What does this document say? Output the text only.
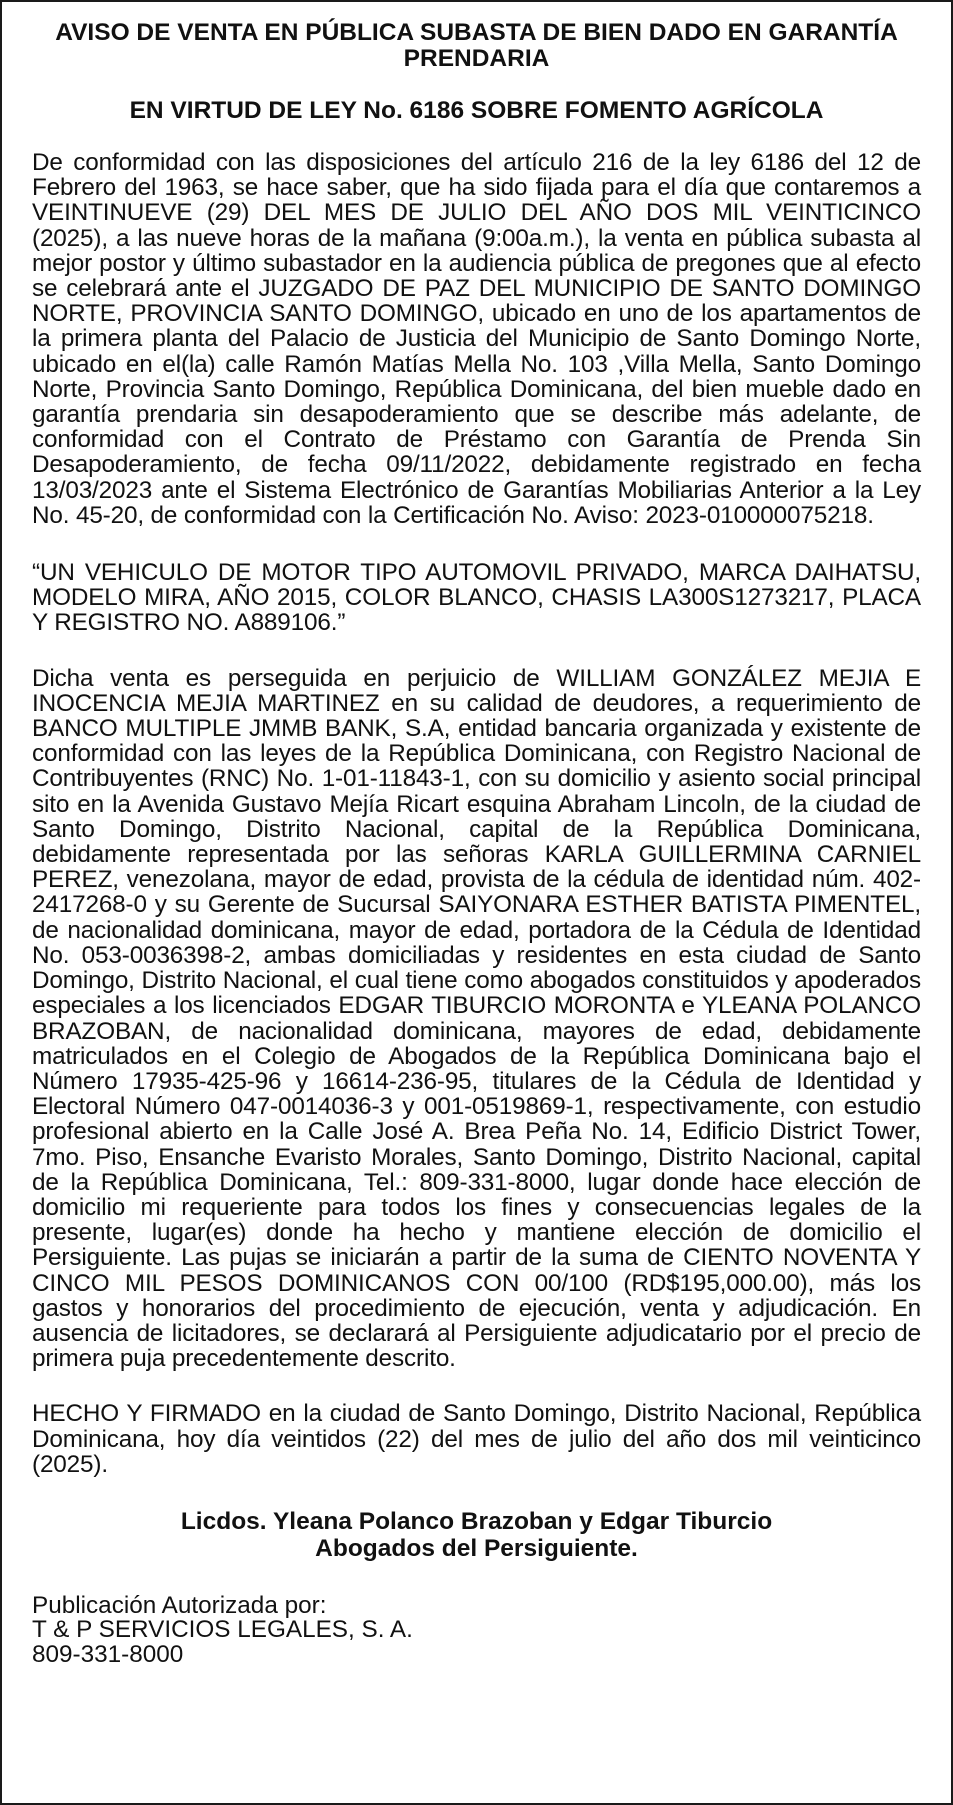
AVISO DE VENTA EN PÚBLICA SUBASTA DE BIEN DADO EN GARANTÍA PRENDARIA
EN VIRTUD DE LEY No. 6186 SOBRE FOMENTO AGRÍCOLA

De conformidad con las disposiciones del artículo 216 de la ley 6186 del 12 de Febrero del 1963, se hace saber, que ha sido fijada para el día que contaremos a VEINTINUEVE (29) DEL MES DE JULIO DEL AÑO DOS MIL VEINTICINCO (2025), a las nueve horas de la mañana (9:00a.m.), la venta en pública subasta al mejor postor y último subastador en la audiencia pública de pregones que al efecto se celebrará ante el JUZGADO DE PAZ DEL MUNICIPIO DE SANTO DOMINGO NORTE, PROVINCIA SANTO DOMINGO, ubicado en uno de los apartamentos de la primera planta del Palacio de Justicia del Municipio de Santo Domingo Norte, ubicado en el(la) calle Ramón Matías Mella No. 103 ,Villa Mella, Santo Domingo Norte, Provincia Santo Domingo, República Dominicana, del bien mueble dado en garantía prendaria sin desapoderamiento que se describe más adelante, de conformidad con el Contrato de Préstamo con Garantía de Prenda Sin Desapoderamiento, de fecha 09/11/2022, debidamente registrado en fecha 13/03/2023 ante el Sistema Electrónico de Garantías Mobiliarias Anterior a la Ley No. 45-20, de conformidad con la Certificación No. Aviso: 2023-010000075218.

“UN VEHICULO DE MOTOR TIPO AUTOMOVIL PRIVADO, MARCA DAIHATSU, MODELO MIRA, AÑO 2015, COLOR BLANCO, CHASIS LA300S1273217, PLACA Y REGISTRO NO. A889106.”

Dicha venta es perseguida en perjuicio de WILLIAM GONZÁLEZ MEJIA E INOCENCIA MEJIA MARTINEZ en su calidad de deudores, a requerimiento de BANCO MULTIPLE JMMB BANK, S.A, entidad bancaria organizada y existente de conformidad con las leyes de la República Dominicana, con Registro Nacional de Contribuyentes (RNC) No. 1-01-11843-1, con su domicilio y asiento social principal sito en la Avenida Gustavo Mejía Ricart esquina Abraham Lincoln, de la ciudad de Santo Domingo, Distrito Nacional, capital de la República Dominicana, debidamente representada por las señoras KARLA GUILLERMINA CARNIEL PEREZ, venezolana, mayor de edad, provista de la cédula de identidad núm. 402-2417268-0 y su Gerente de Sucursal SAIYONARA ESTHER BATISTA PIMENTEL, de nacionalidad dominicana, mayor de edad, portadora de la Cédula de Identidad No. 053-0036398-2, ambas domiciliadas y residentes en esta ciudad de Santo Domingo, Distrito Nacional, el cual tiene como abogados constituidos y apoderados especiales a los licenciados EDGAR TIBURCIO MORONTA e YLEANA POLANCO BRAZOBAN, de nacionalidad dominicana, mayores de edad, debidamente matriculados en el Colegio de Abogados de la República Dominicana bajo el Número 17935-425-96 y 16614-236-95, titulares de la Cédula de Identidad y Electoral Número 047-0014036-3 y 001-0519869-1, respectivamente, con estudio profesional abierto en la Calle José A. Brea Peña No. 14, Edificio District Tower, 7mo. Piso, Ensanche Evaristo Morales, Santo Domingo, Distrito Nacional, capital de la República Dominicana, Tel.: 809-331-8000, lugar donde hace elección de domicilio mi requeriente para todos los fines y consecuencias legales de la presente, lugar(es) donde ha hecho y mantiene elección de domicilio el Persiguiente. Las pujas se iniciarán a partir de la suma de CIENTO NOVENTA Y CINCO MIL PESOS DOMINICANOS CON 00/100 (RD$195,000.00), más los gastos y honorarios del procedimiento de ejecución, venta y adjudicación. En ausencia de licitadores, se declarará al Persiguiente adjudicatario por el precio de primera puja precedentemente descrito.

HECHO Y FIRMADO en la ciudad de Santo Domingo, Distrito Nacional, República Dominicana, hoy día veintidos (22) del mes de julio del año dos mil veinticinco (2025).

Licdos. Yleana Polanco Brazoban y Edgar Tiburcio
Abogados del Persiguiente.
Publicación Autorizada por:
T & P SERVICIOS LEGALES, S. A.
809-331-8000
